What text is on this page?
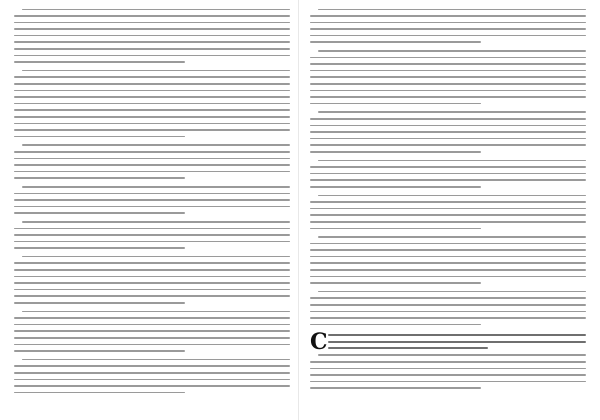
С
